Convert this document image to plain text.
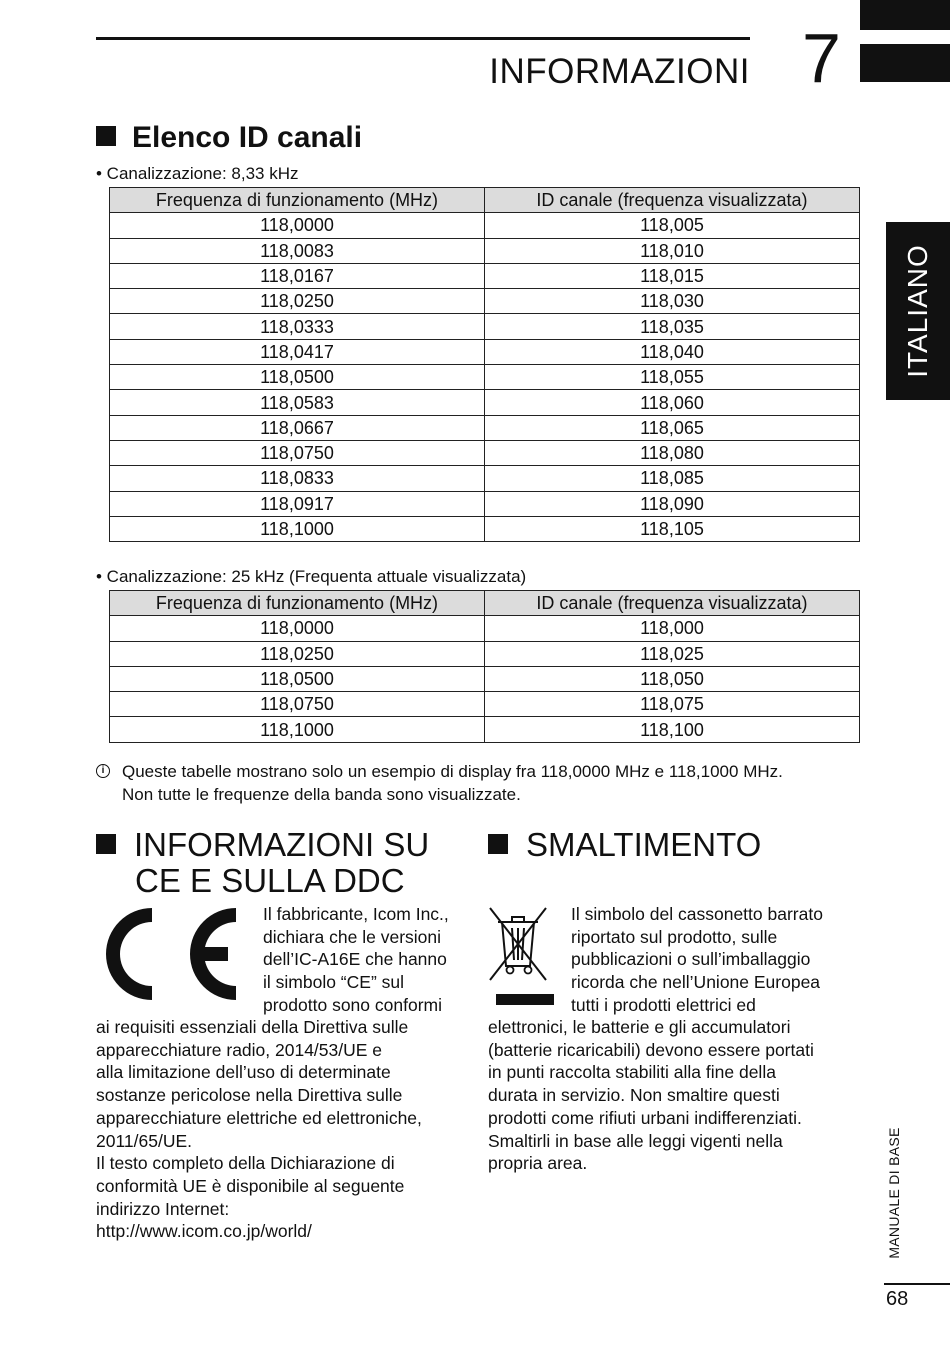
INFORMAZIONI 7
ITALIANO
Elenco ID canali
• Canalizzazione: 8,33 kHz
Frequenza di funzionamento (MHz)	ID canale (frequenza visualizzata)
118,0000	118,005
118,0083	118,010
118,0167	118,015
118,0250	118,030
118,0333	118,035
118,0417	118,040
118,0500	118,055
118,0583	118,060
118,0667	118,065
118,0750	118,080
118,0833	118,085
118,0917	118,090
118,1000	118,105
• Canalizzazione: 25 kHz (Frequenta attuale visualizzata)
Frequenza di funzionamento (MHz)	ID canale (frequenza visualizzata)
118,0000	118,000
118,0250	118,025
118,0500	118,050
118,0750	118,075
118,1000	118,100
i	Queste tabelle mostrano solo un esempio di display fra 118,0000 MHz e 118,1000 MHz.
Non tutte le frequenze della banda sono visualizzate.
INFORMAZIONI SU
CE E SULLA DDC
Il fabbricante, Icom Inc.,
dichiara che le versioni
dell’IC-A16E che hanno
il simbolo “CE” sul
prodotto sono conformi
ai requisiti essenziali della Direttiva sulle
apparecchiature radio, 2014/53/UE e
alla limitazione dell’uso di determinate
sostanze pericolose nella Direttiva sulle
apparecchiature elettriche ed elettroniche,
2011/65/UE.
Il testo completo della Dichiarazione di
conformità UE è disponibile al seguente
indirizzo Internet:
http://www.icom.co.jp/world/
SMALTIMENTO
Il simbolo del cassonetto barrato
riportato sul prodotto, sulle
pubblicazioni o sull’imballaggio
ricorda che nell’Unione Europea
tutti i prodotti elettrici ed
elettronici, le batterie e gli accumulatori
(batterie ricaricabili) devono essere portati
in punti raccolta stabiliti alla fine della
durata in servizio. Non smaltire questi
prodotti come rifiuti urbani indifferenziati.
Smaltirli in base alle leggi vigenti nella
propria area.	MANUALE DI BASE
68
